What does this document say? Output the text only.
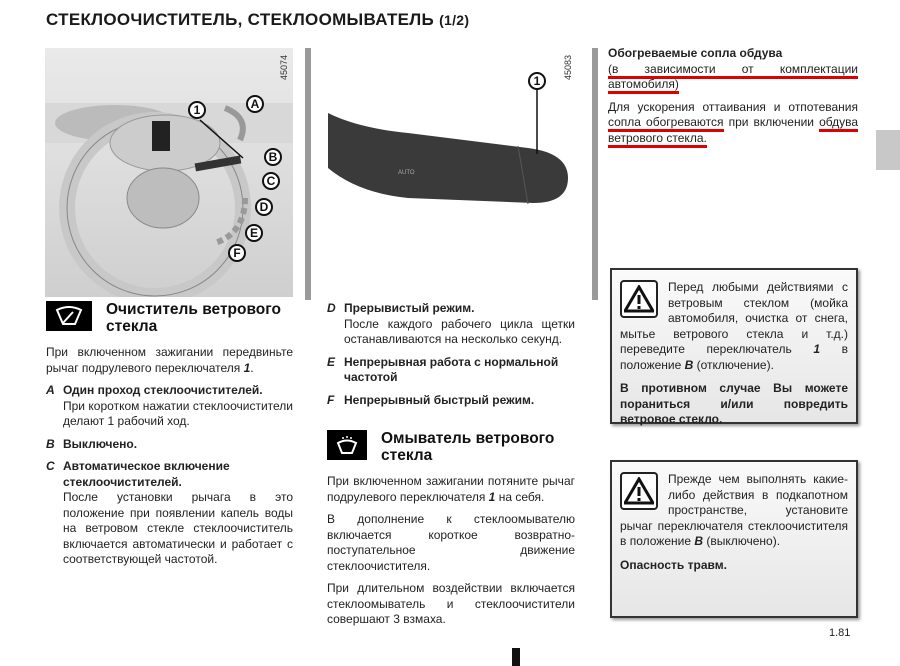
СТЕКЛООЧИСТИТЕЛЬ, СТЕКЛООМЫВАТЕЛЬ (1/2)
45074
1	A
B
C
D
E
F
AUTO
1
45083
Очиститель ветрового стекла

При включенном зажигании передвиньте рычаг подрулевого переключателя 1.

A Один проход стеклоочистителей.

При коротком нажатии стеклоочистители делают 1 рабочий ход.

B Выключено.
C Автоматическое включение стеклоочистителей.

После установки рычага в это положение при появлении капель воды на ветровом стекле стеклоочиститель включается автоматически и работает с соответствующей частотой.

D Прерывистый режим.

После каждого рабочего цикла щетки останавливаются на несколько секунд.

E Непрерывная работа с нормальной частотой
F Непрерывный быстрый режим.
Омыватель ветрового стекла

При включенном зажигании потяните рычаг подрулевого переключателя 1 на себя.

В дополнение к стеклоомывателю включается короткое возвратно-поступательное движение стеклоочистителя.

При длительном воздействии включается стеклоомыватель и стеклоочистители совершают 3 взмаха.

Обогреваемые сопла обдува

(в зависимости от комплектации автомобиля)

Для ускорения оттаивания и отпотевания сопла обогреваются при включении обдува ветрового стекла.

Перед любыми действиями с ветровым стеклом (мойка автомобиля, очистка от снега, мытье ветрового стекла и т.д.) переведите переключатель 1 в положение B (отключение).

В противном случае Вы можете пораниться и/или повредить ветровое стекло.

Прежде чем выполнять какие-либо действия в подкапотном пространстве, установите рычаг переключателя стеклоочистителя в положение B (выключено).

Опасность травм.

1.81
